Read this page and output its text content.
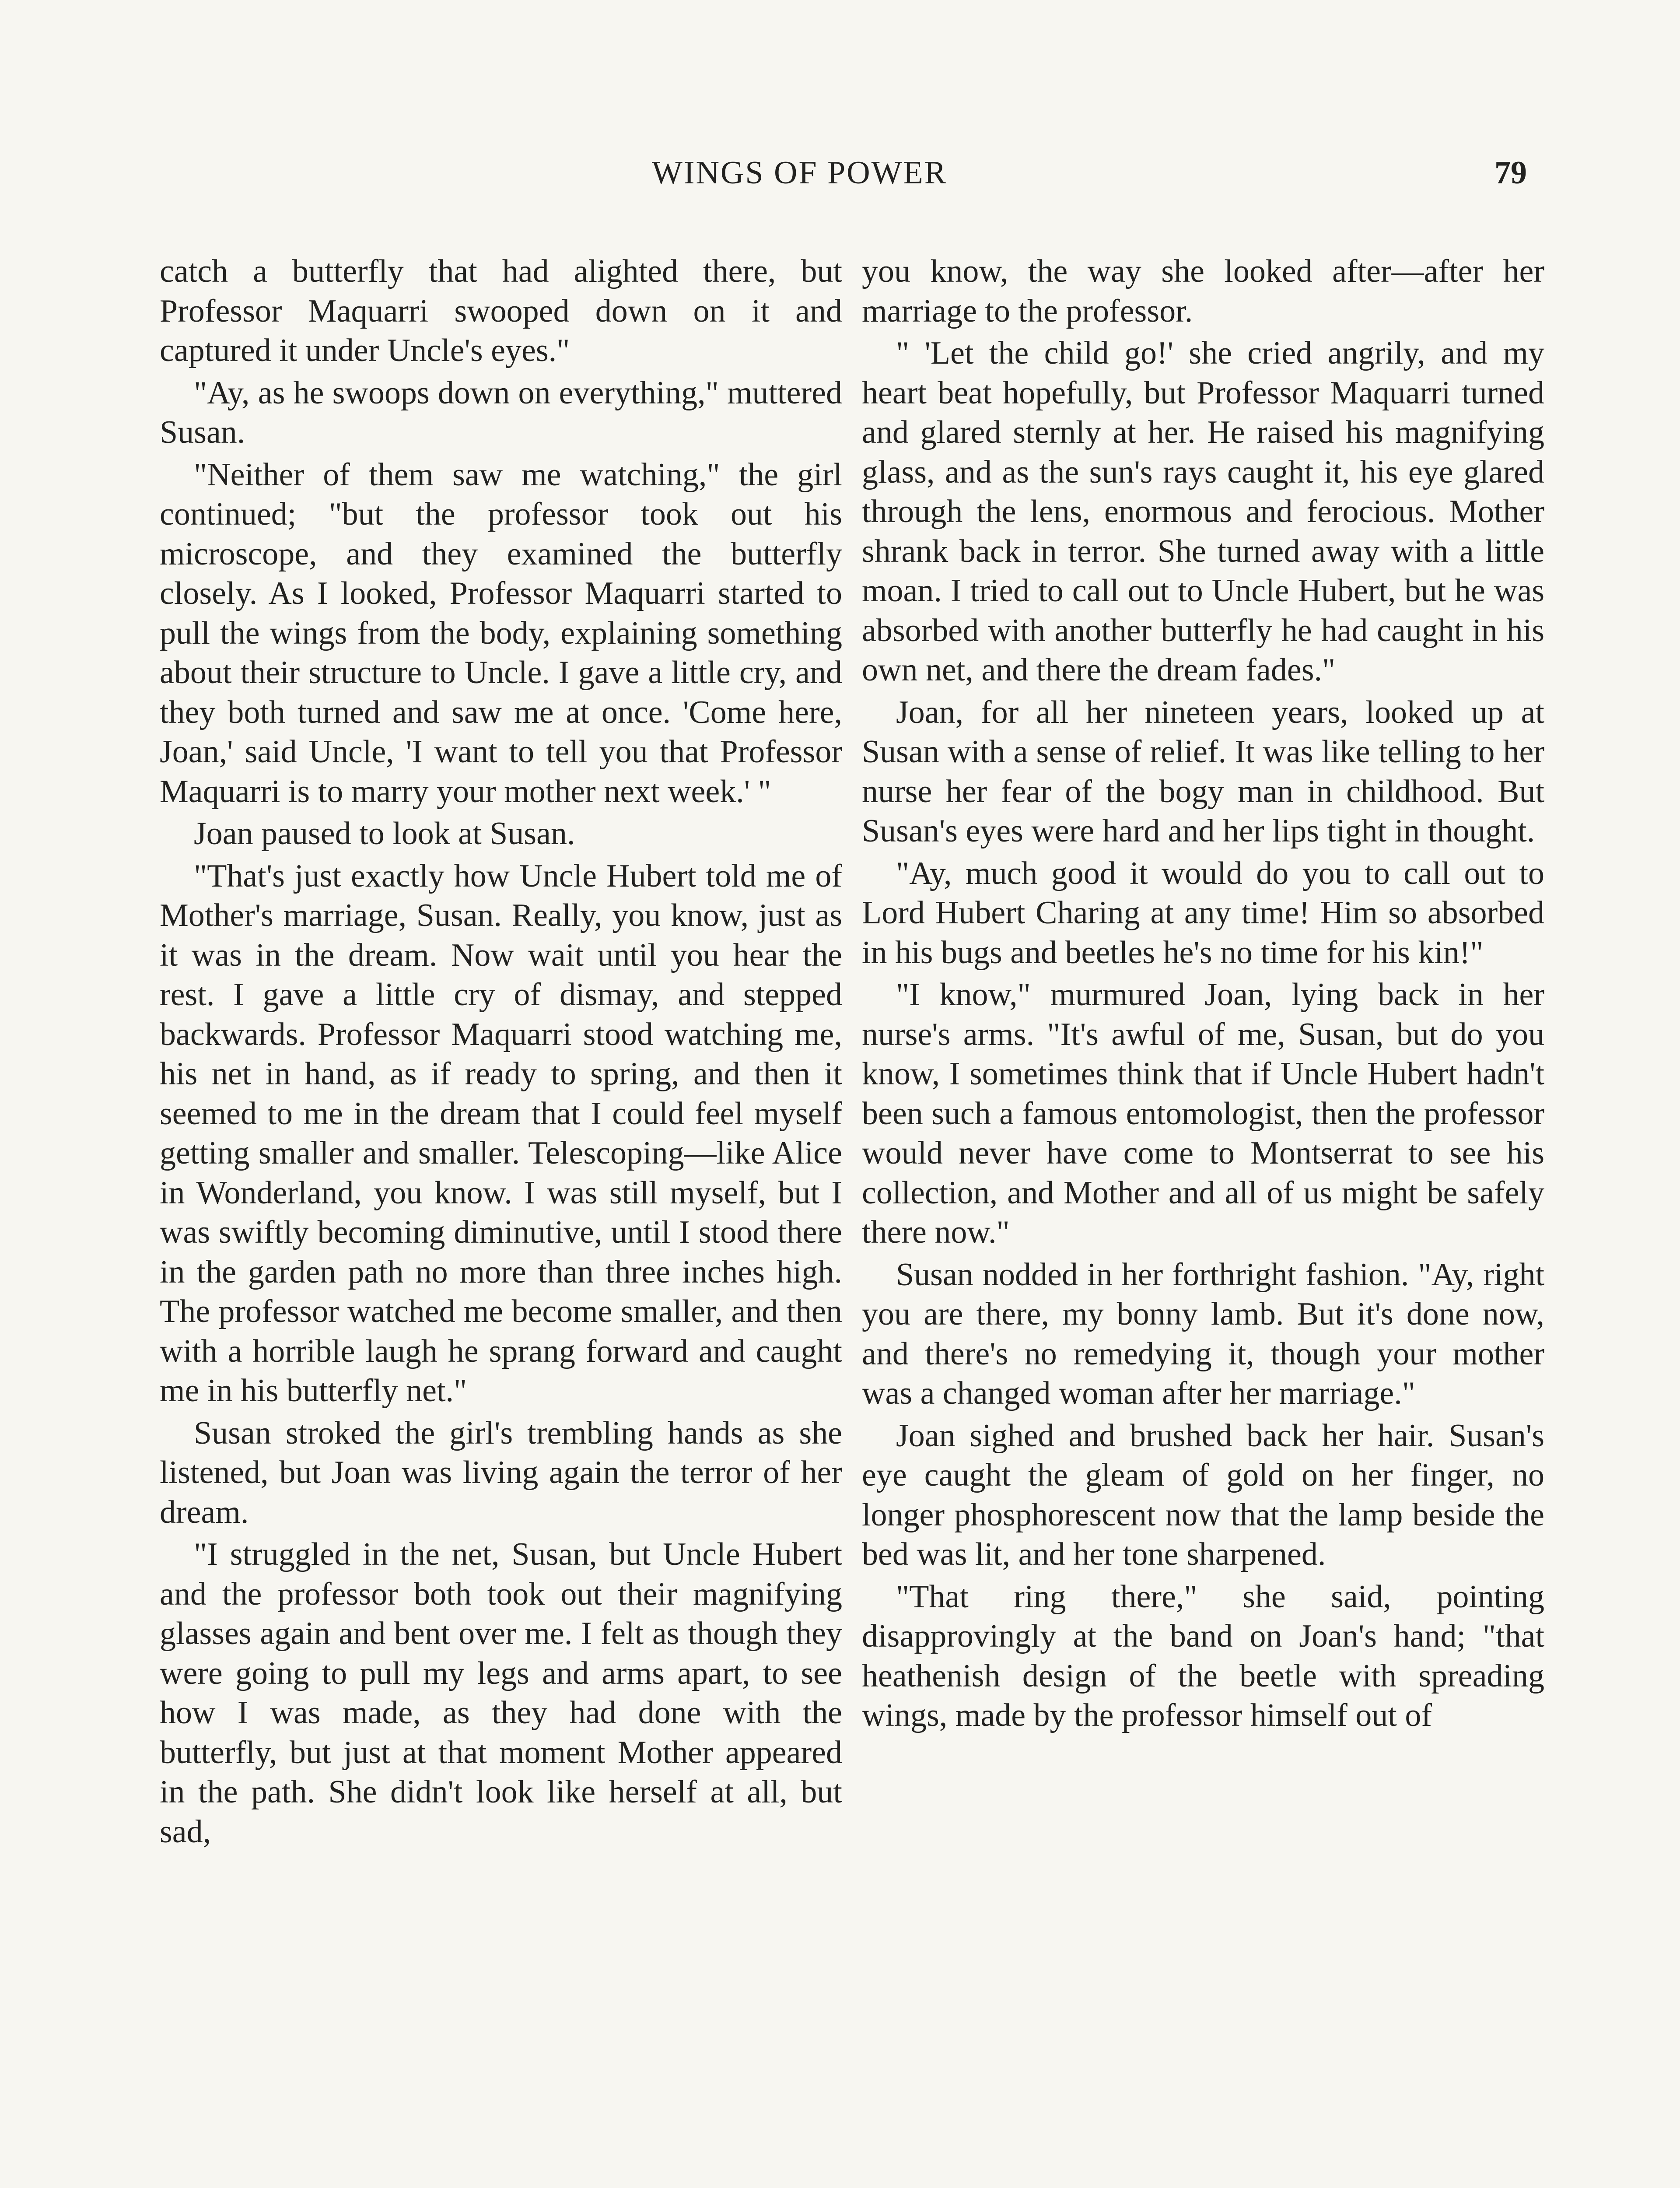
WINGS OF POWER	79

catch a butterfly that had alighted there, but Professor Maquarri swooped down on it and captured it under Uncle's eyes."

"Ay, as he swoops down on everything," muttered Susan.

"Neither of them saw me watching," the girl continued; "but the professor took out his microscope, and they examined the butterfly closely. As I looked, Professor Maquarri started to pull the wings from the body, explaining something about their structure to Uncle. I gave a little cry, and they both turned and saw me at once. 'Come here, Joan,' said Uncle, 'I want to tell you that Professor Maquarri is to marry your mother next week.' "

Joan paused to look at Susan.

"That's just exactly how Uncle Hubert told me of Mother's marriage, Susan. Really, you know, just as it was in the dream. Now wait until you hear the rest. I gave a little cry of dismay, and stepped backwards. Professor Maquarri stood watching me, his net in hand, as if ready to spring, and then it seemed to me in the dream that I could feel myself getting smaller and smaller. Telescoping—like Alice in Wonderland, you know. I was still myself, but I was swiftly becoming diminutive, until I stood there in the garden path no more than three inches high. The professor watched me become smaller, and then with a horrible laugh he sprang forward and caught me in his butterfly net."

Susan stroked the girl's trembling hands as she listened, but Joan was living again the terror of her dream.

"I struggled in the net, Susan, but Uncle Hubert and the professor both took out their magnifying glasses again and bent over me. I felt as though they were going to pull my legs and arms apart, to see how I was made, as they had done with the butterfly, but just at that moment Mother appeared in the path. She didn't look like herself at all, but sad,

you know, the way she looked after—after her marriage to the professor.

" 'Let the child go!' she cried angrily, and my heart beat hopefully, but Professor Maquarri turned and glared sternly at her. He raised his magnifying glass, and as the sun's rays caught it, his eye glared through the lens, enormous and ferocious. Mother shrank back in terror. She turned away with a little moan. I tried to call out to Uncle Hubert, but he was absorbed with another butterfly he had caught in his own net, and there the dream fades."

Joan, for all her nineteen years, looked up at Susan with a sense of relief. It was like telling to her nurse her fear of the bogy man in childhood. But Susan's eyes were hard and her lips tight in thought.

"Ay, much good it would do you to call out to Lord Hubert Charing at any time! Him so absorbed in his bugs and beetles he's no time for his kin!"

"I know," murmured Joan, lying back in her nurse's arms. "It's awful of me, Susan, but do you know, I sometimes think that if Uncle Hubert hadn't been such a famous entomologist, then the professor would never have come to Montserrat to see his collection, and Mother and all of us might be safely there now."

Susan nodded in her forthright fashion. "Ay, right you are there, my bonny lamb. But it's done now, and there's no remedying it, though your mother was a changed woman after her marriage."

Joan sighed and brushed back her hair. Susan's eye caught the gleam of gold on her finger, no longer phosphorescent now that the lamp beside the bed was lit, and her tone sharpened.

"That ring there," she said, pointing disapprovingly at the band on Joan's hand; "that heathenish design of the beetle with spreading wings, made by the professor himself out of
